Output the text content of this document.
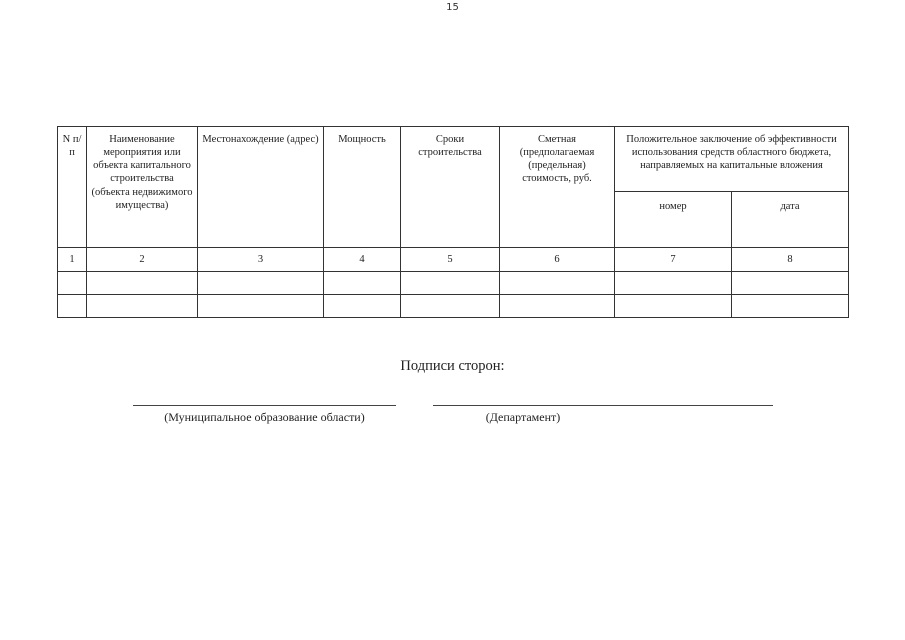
15
N п/п	Наименование мероприятия или объекта капитального строительства (объекта недвижимого имущества)	Местонахождение (адрес)	Мощность	Сроки строительства	Сметная (предполагаемая (предельная) стоимость, руб.	Положительное заключение об эффективности использования средств областного бюджета, направляемых на капитальные вложения	
						номер	дата
1	2	3	4	5	6	7	8

Подписи сторон:
(Муниципальное образование области)	(Департамент)
